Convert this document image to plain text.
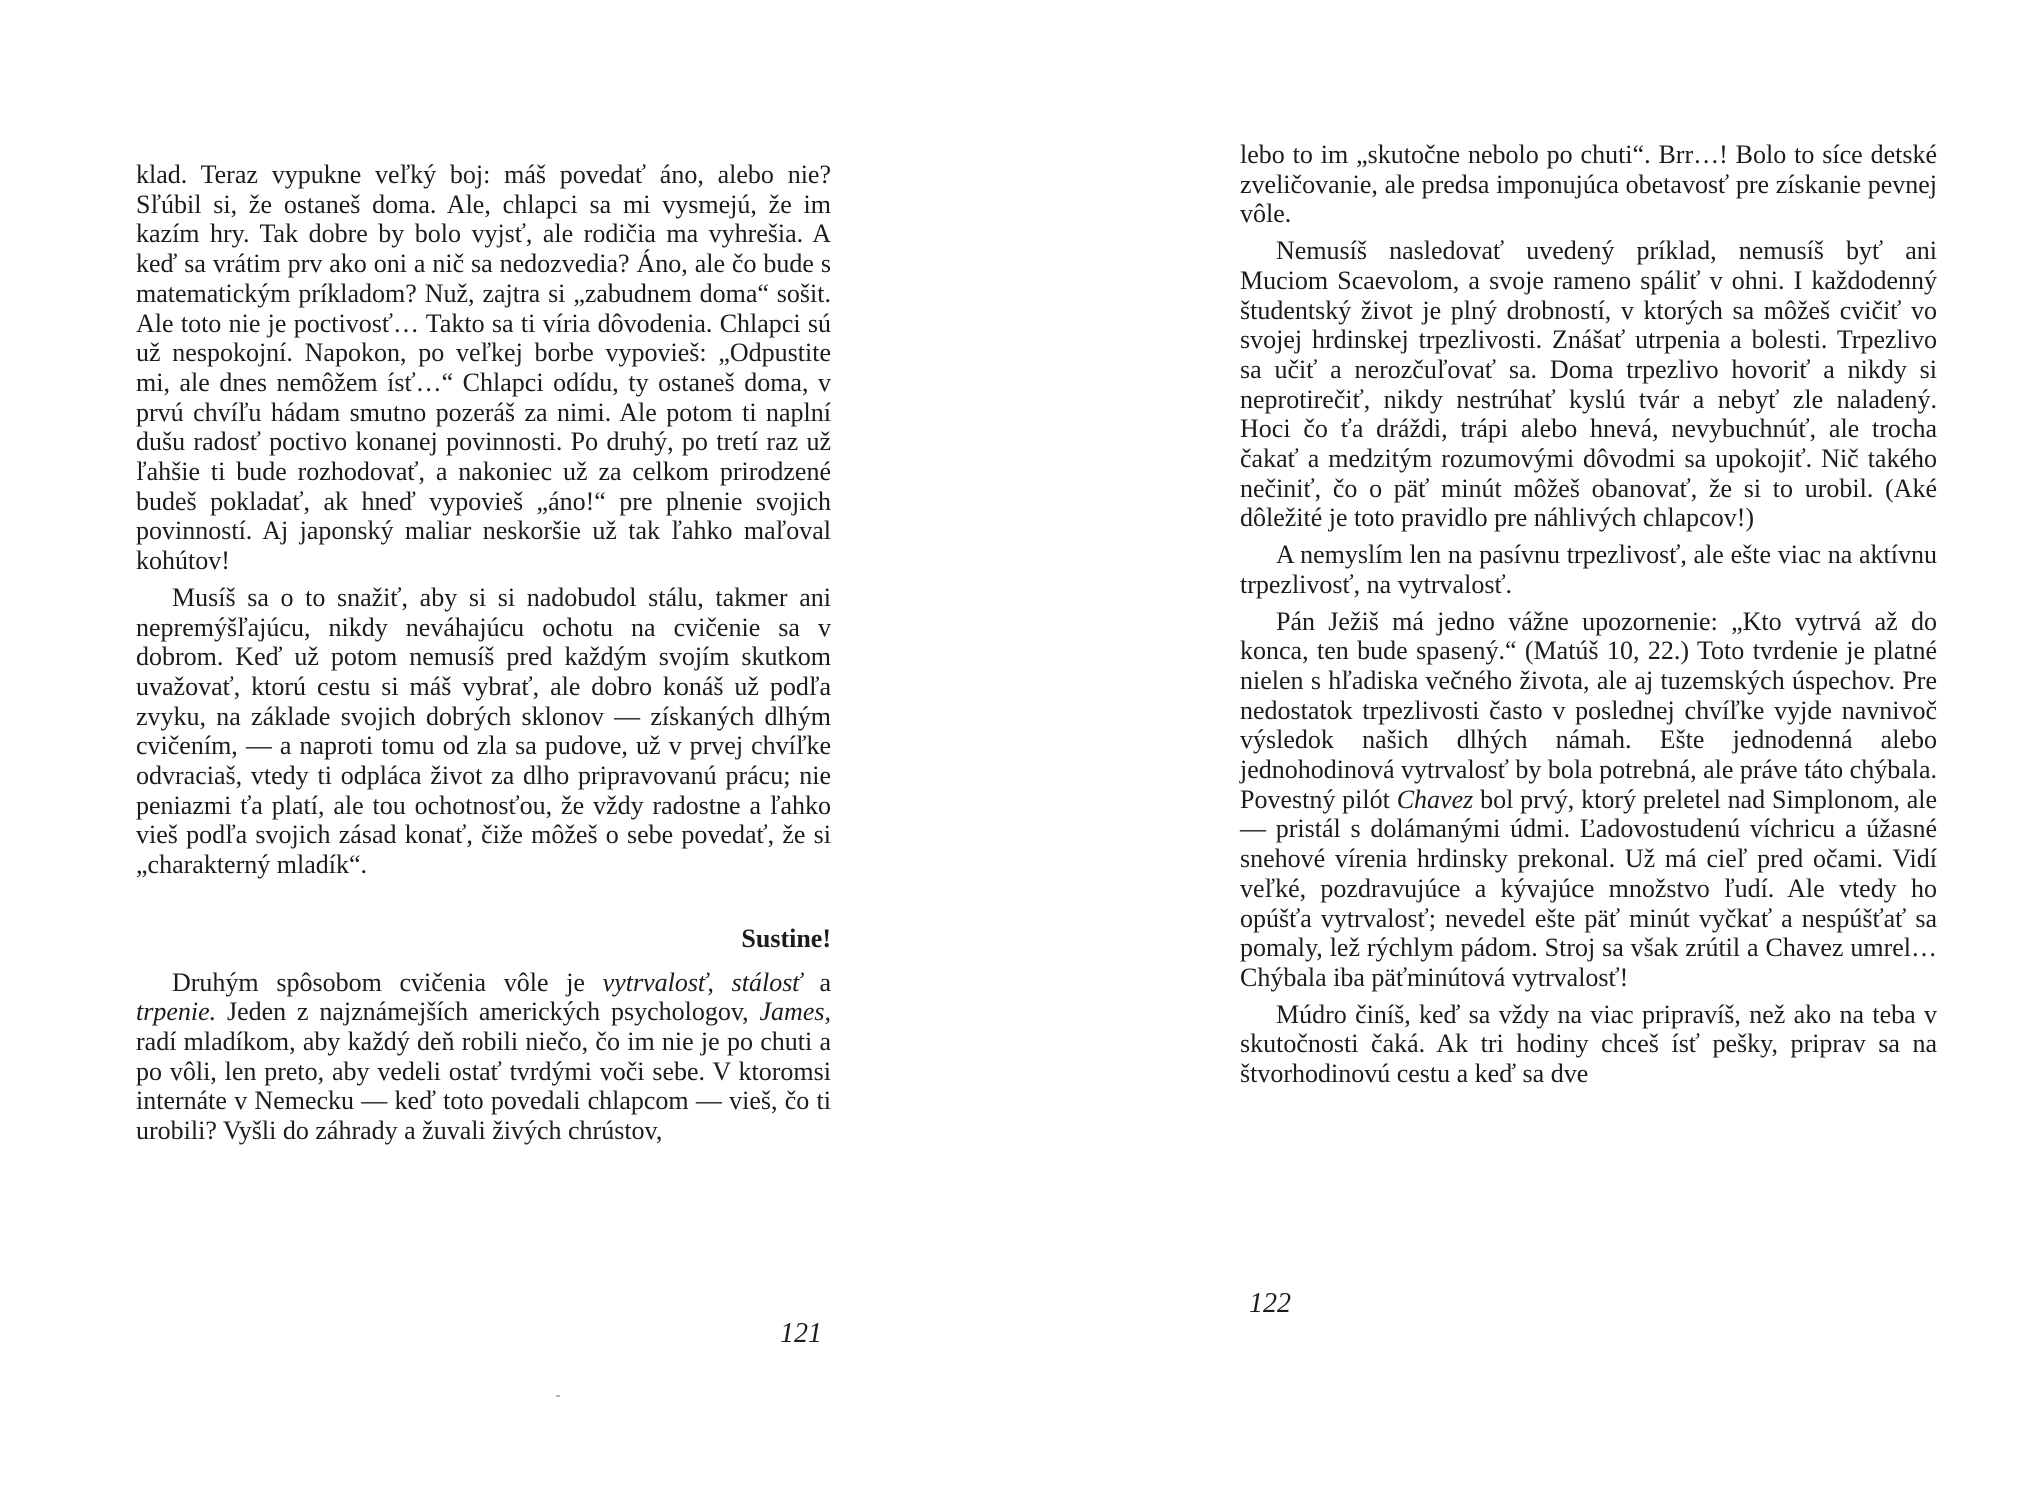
klad. Teraz vypukne veľký boj: máš povedať áno, alebo nie? Sľúbil si, že ostaneš doma. Ale, chlapci sa mi vysmejú, že im kazím hry. Tak dobre by bolo vyjsť, ale rodičia ma vyhrešia. A keď sa vrátim prv ako oni a nič sa nedozvedia? Áno, ale čo bude s matematickým príkladom? Nuž, zajtra si „zabudnem doma“ sošit. Ale toto nie je poctivosť… Takto sa ti víria dôvodenia. Chlapci sú už nespokojní. Napokon, po veľkej borbe vypovieš: „Odpustite mi, ale dnes nemôžem ísť…“ Chlapci odídu, ty ostaneš doma, v prvú chvíľu hádam smutno pozeráš za nimi. Ale potom ti naplní dušu radosť poctivo konanej povinnosti. Po druhý, po tretí raz už ľahšie ti bude rozhodovať, a nakoniec už za celkom prirodzené budeš pokladať, ak hneď vypovieš „áno!“ pre plnenie svojich povinností. Aj japonský maliar neskoršie už tak ľahko maľoval kohútov!

Musíš sa o to snažiť, aby si si nadobudol stálu, takmer ani nepremýšľajúcu, nikdy neváhajúcu ochotu na cvičenie sa v dobrom. Keď už potom nemusíš pred každým svojím skutkom uvažovať, ktorú cestu si máš vybrať, ale dobro konáš už podľa zvyku, na základe svojich dobrých sklonov — získaných dlhým cvičením, — a naproti tomu od zla sa pudove, už v prvej chvíľke odvraciaš, vtedy ti odpláca život za dlho pripravovanú prácu; nie peniazmi ťa platí, ale tou ochotnosťou, že vždy radostne a ľahko vieš podľa svojich zásad konať, čiže môžeš o sebe povedať, že si „charakterný mladík“.

Sustine!

Druhým spôsobom cvičenia vôle je vytrvalosť, stálosť a trpenie. Jeden z najznámejších amerických psychologov, James, radí mladíkom, aby každý deň robili niečo, čo im nie je po chuti a po vôli, len preto, aby vedeli ostať tvrdými voči sebe. V ktoromsi internáte v Nemecku — keď toto povedali chlapcom — vieš, čo ti urobili? Vyšli do záhrady a žuvali živých chrústov,

121

lebo to im „skutočne nebolo po chuti“. Brr…! Bolo to síce detské zveličovanie, ale predsa imponujúca obetavosť pre získanie pevnej vôle.

Nemusíš nasledovať uvedený príklad, nemusíš byť ani Muciom Scaevolom, a svoje rameno spáliť v ohni. I každodenný študentský život je plný drobností, v ktorých sa môžeš cvičiť vo svojej hrdinskej trpezlivosti. Znášať utrpenia a bolesti. Trpezlivo sa učiť a nerozčuľovať sa. Doma trpezlivo hovoriť a nikdy si neprotirečiť, nikdy nestrúhať kyslú tvár a nebyť zle naladený. Hoci čo ťa dráždi, trápi alebo hnevá, nevybuchnúť, ale trocha čakať a medzitým rozumovými dôvodmi sa upokojiť. Nič takého nečiniť, čo o päť minút môžeš obanovať, že si to urobil. (Aké dôležité je toto pravidlo pre náhlivých chlapcov!)

A nemyslím len na pasívnu trpezlivosť, ale ešte viac na aktívnu trpezlivosť, na vytrvalosť.

Pán Ježiš má jedno vážne upozornenie: „Kto vytrvá až do konca, ten bude spasený.“ (Matúš 10, 22.) Toto tvrdenie je platné nielen s hľadiska večného života, ale aj tuzemských úspechov. Pre nedostatok trpezlivosti často v poslednej chvíľke vyjde navnivoč výsledok našich dlhých námah. Ešte jednodenná alebo jednohodinová vytrvalosť by bola potrebná, ale práve táto chýbala. Povestný pilót Chavez bol prvý, ktorý preletel nad Simplonom, ale — pristál s dolámanými údmi. Ľadovostudenú víchricu a úžasné snehové vírenia hrdinsky prekonal. Už má cieľ pred očami. Vidí veľké, pozdravujúce a kývajúce množstvo ľudí. Ale vtedy ho opúšťa vytrvalosť; nevedel ešte päť minút vyčkať a nespúšťať sa pomaly, lež rýchlym pádom. Stroj sa však zrútil a Chavez umrel… Chýbala iba päťminútová vytrvalosť!

Múdro činíš, keď sa vždy na viac pripravíš, než ako na teba v skutočnosti čaká. Ak tri hodiny chceš ísť pešky, priprav sa na štvorhodinovú cestu a keď sa dve

122
